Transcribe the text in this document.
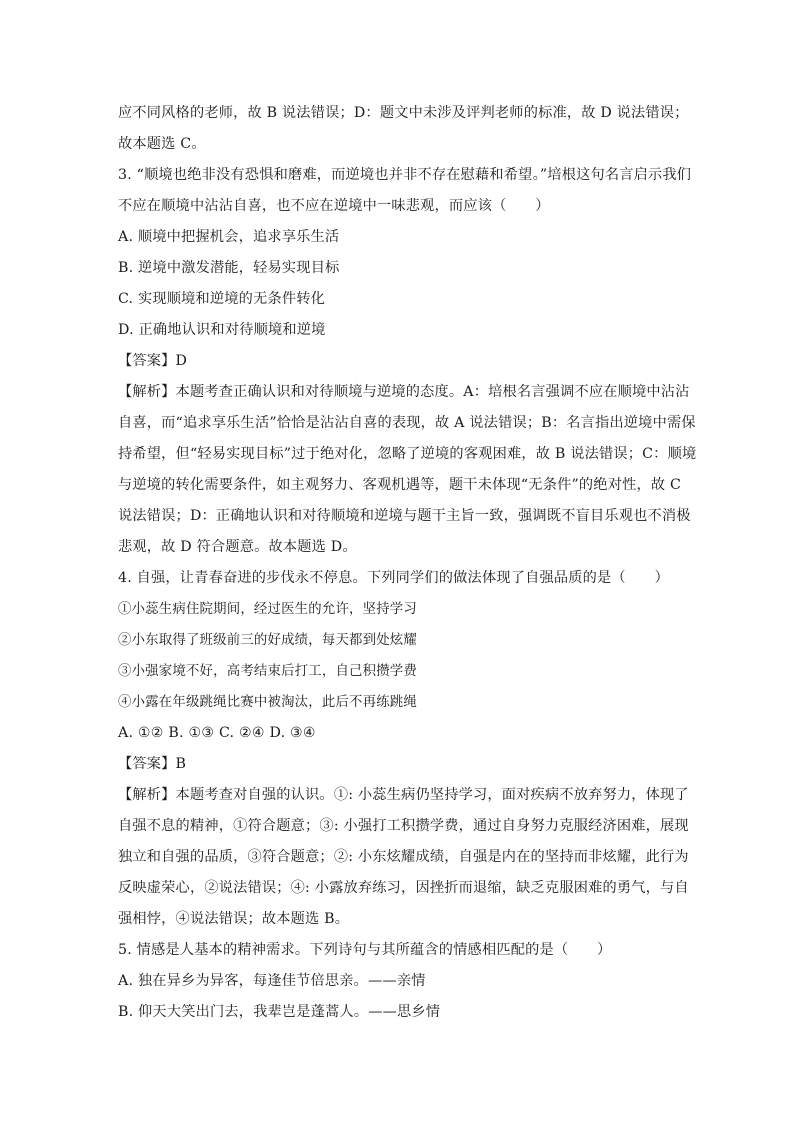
应不同风格的老师，故 B 说法错误；D：题文中未涉及评判老师的标准，故 D 说法错误；
故本题选 C。
3. “顺境也绝非没有恐惧和磨难，而逆境也并非不存在慰藉和希望。”培根这句名言启示我们
不应在顺境中沾沾自喜，也不应在逆境中一味悲观，而应该（　　）
A. 顺境中把握机会，追求享乐生活
B. 逆境中激发潜能，轻易实现目标
C. 实现顺境和逆境的无条件转化
D. 正确地认识和对待顺境和逆境
【答案】D
【解析】本题考查正确认识和对待顺境与逆境的态度。A：培根名言强调不应在顺境中沾沾
自喜，而“追求享乐生活”恰恰是沾沾自喜的表现，故 A 说法错误；B：名言指出逆境中需保
持希望，但“轻易实现目标”过于绝对化，忽略了逆境的客观困难，故 B 说法错误；C：顺境
与逆境的转化需要条件，如主观努力、客观机遇等，题干未体现“无条件”的绝对性，故 C
说法错误；D：正确地认识和对待顺境和逆境与题干主旨一致，强调既不盲目乐观也不消极
悲观，故 D 符合题意。故本题选 D。
4. 自强，让青春奋进的步伐永不停息。下列同学们的做法体现了自强品质的是（　　）
①小蕊生病住院期间，经过医生的允许，坚持学习
②小东取得了班级前三的好成绩，每天都到处炫耀
③小强家境不好，高考结束后打工，自己积攒学费
④小露在年级跳绳比赛中被淘汰，此后不再练跳绳
A. ①② B. ①③ C. ②④ D. ③④
【答案】B
【解析】本题考查对自强的认识。①: 小蕊生病仍坚持学习，面对疾病不放弃努力，体现了
自强不息的精神，①符合题意；③: 小强打工积攒学费，通过自身努力克服经济困难，展现
独立和自强的品质，③符合题意；②: 小东炫耀成绩，自强是内在的坚持而非炫耀，此行为
反映虚荣心，②说法错误；④: 小露放弃练习，因挫折而退缩，缺乏克服困难的勇气，与自
强相悖，④说法错误；故本题选 B。
5. 情感是人基本的精神需求。下列诗句与其所蕴含的情感相匹配的是（　　）
A. 独在异乡为异客，每逢佳节倍思亲。——亲情
B. 仰天大笑出门去，我辈岂是蓬蒿人。——思乡情
